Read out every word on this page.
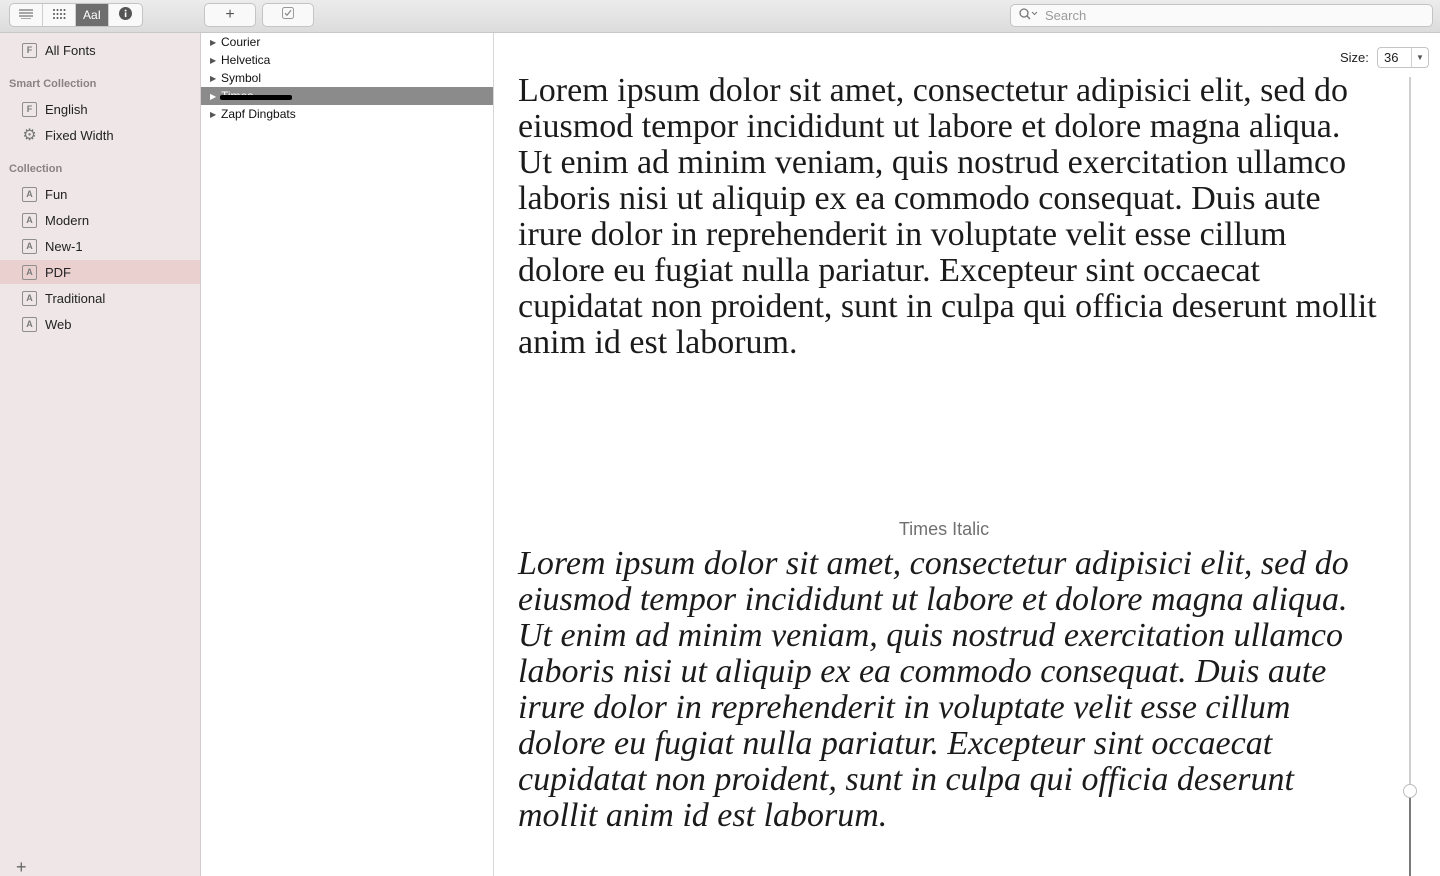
AaI	+
Search
F All Fonts
Smart Collection
F English
⚙ Fixed Width
Collection
A Fun
A Modern
A New-1
A PDF
A Traditional
A Web
+
▶ Courier
▶ Helvetica
▶ Symbol
▶
▶ Zapf Dingbats
Size:	36	▼
Lorem ipsum dolor sit amet, consectetur adipisici elit, sed do eiusmod tempor incididunt ut labore et dolore magna aliqua. Ut enim ad minim veniam, quis nostrud exercitation ullamco laboris nisi ut aliquip ex ea commodo consequat. Duis aute irure dolor in reprehenderit in voluptate velit esse cillum dolore eu fugiat nulla pariatur. Excepteur sint occaecat cupidatat non proident, sunt in culpa qui officia deserunt mollit anim id est laborum.
Times Italic
Lorem ipsum dolor sit amet, consectetur adipisici elit, sed do eiusmod tempor incididunt ut labore et dolore magna aliqua. Ut enim ad minim veniam, quis nostrud exercitation ullamco laboris nisi ut aliquip ex ea commodo consequat. Duis aute irure dolor in reprehenderit in voluptate velit esse cillum dolore eu fugiat nulla pariatur. Excepteur sint occaecat cupidatat non proident, sunt in culpa qui officia deserunt mollit anim id est laborum.
